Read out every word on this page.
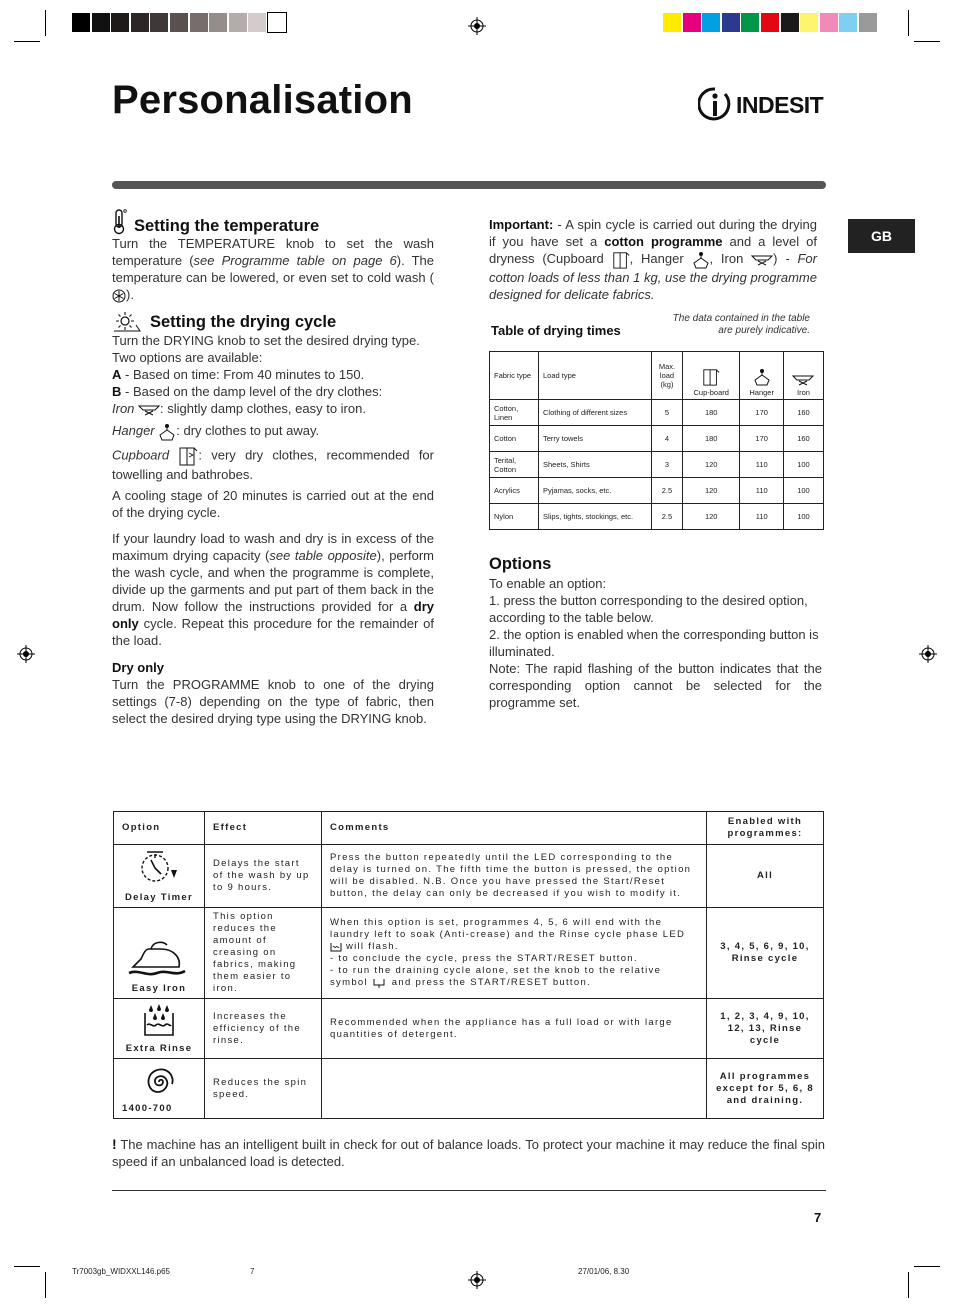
Personalisation	INDESIT
GB
Setting the temperature

Turn the TEMPERATURE knob to set the wash temperature (see Programme table on page 6). The temperature can be lowered, or even set to cold wash ().

Setting the drying cycle

Turn the DRYING knob to set the desired drying type.

Two options are available:

A - Based on time: From 40 minutes to 150.

B - Based on the damp level of the dry clothes:

Iron : slightly damp clothes, easy to iron.

Hanger : dry clothes to put away.

Cupboard : very dry clothes, recommended for towelling and bathrobes.

A cooling stage of 20 minutes is carried out at the end of the drying cycle.

If your laundry load to wash and dry is in excess of the maximum drying capacity (see table opposite), perform the wash cycle, and when the programme is complete, divide up the garments and put part of them back in the drum. Now follow the instructions provided for a dry only cycle. Repeat this procedure for the remainder of the load.

Dry only

Turn the PROGRAMME knob to one of the drying settings (7-8) depending on the type of fabric, then select the desired drying type using the DRYING knob.

Important: - A spin cycle is carried out during the drying if you have set a cotton programme and a level of dryness (Cupboard , Hanger , Iron ) - For cotton loads of less than 1 kg, use the drying programme designed for delicate fabrics.
Table of drying times
The data contained in the table are purely indicative.
Fabric type	Load type	Max. load (kg)	Cup-board	Hanger	Iron
Cotton, Linen	Clothing of different sizes	5	180	170	160
Cotton	Terry towels	4	180	170	160
Terital, Cotton	Sheets, Shirts	3	120	110	100
Acrylics	Pyjamas, socks, etc.	2.5	120	110	100
Nylon	Slips, tights, stockings, etc.	2.5	120	110	100

Options

To enable an option:

1. press the button corresponding to the desired option, according to the table below.

2. the option is enabled when the corresponding button is illuminated.

Note: The rapid flashing of the button indicates that the corresponding option cannot be selected for the programme set.

Option	Effect	Comments	Enabled with programmes:

Delay Timer	Delays the start of the wash by up to 9 hours.	Press the button repeatedly until the LED corresponding to the delay is turned on. The fifth time the button is pressed, the option will be disabled. N.B. Once you have pressed the Start/Reset button, the delay can only be decreased if you wish to modify it.	All

Easy Iron	This option reduces the amount of creasing on fabrics, making them easier to iron.	When this option is set, programmes 4, 5, 6 will end with the laundry left to soak (Anti-crease) and the Rinse cycle phase LED  will flash.
- to conclude the cycle, press the START/RESET button.
- to run the draining cycle alone, set the knob to the relative symbol  and press the START/RESET button.	3, 4, 5, 6, 9, 10, Rinse cycle

Extra Rinse	Increases the efficiency of the rinse.	Recommended when the appliance has a full load or with large quantities of detergent.	1, 2, 3, 4, 9, 10, 12, 13, Rinse cycle

1400-700	Reduces the spin speed.		All programmes except for 5, 6, 8 and draining.
! The machine has an intelligent built in check for out of balance loads. To protect your machine it may reduce the final spin speed if an unbalanced load is detected.
7
Tr7003gb_WIDXXL146.p65	7	27/01/06, 8.30
